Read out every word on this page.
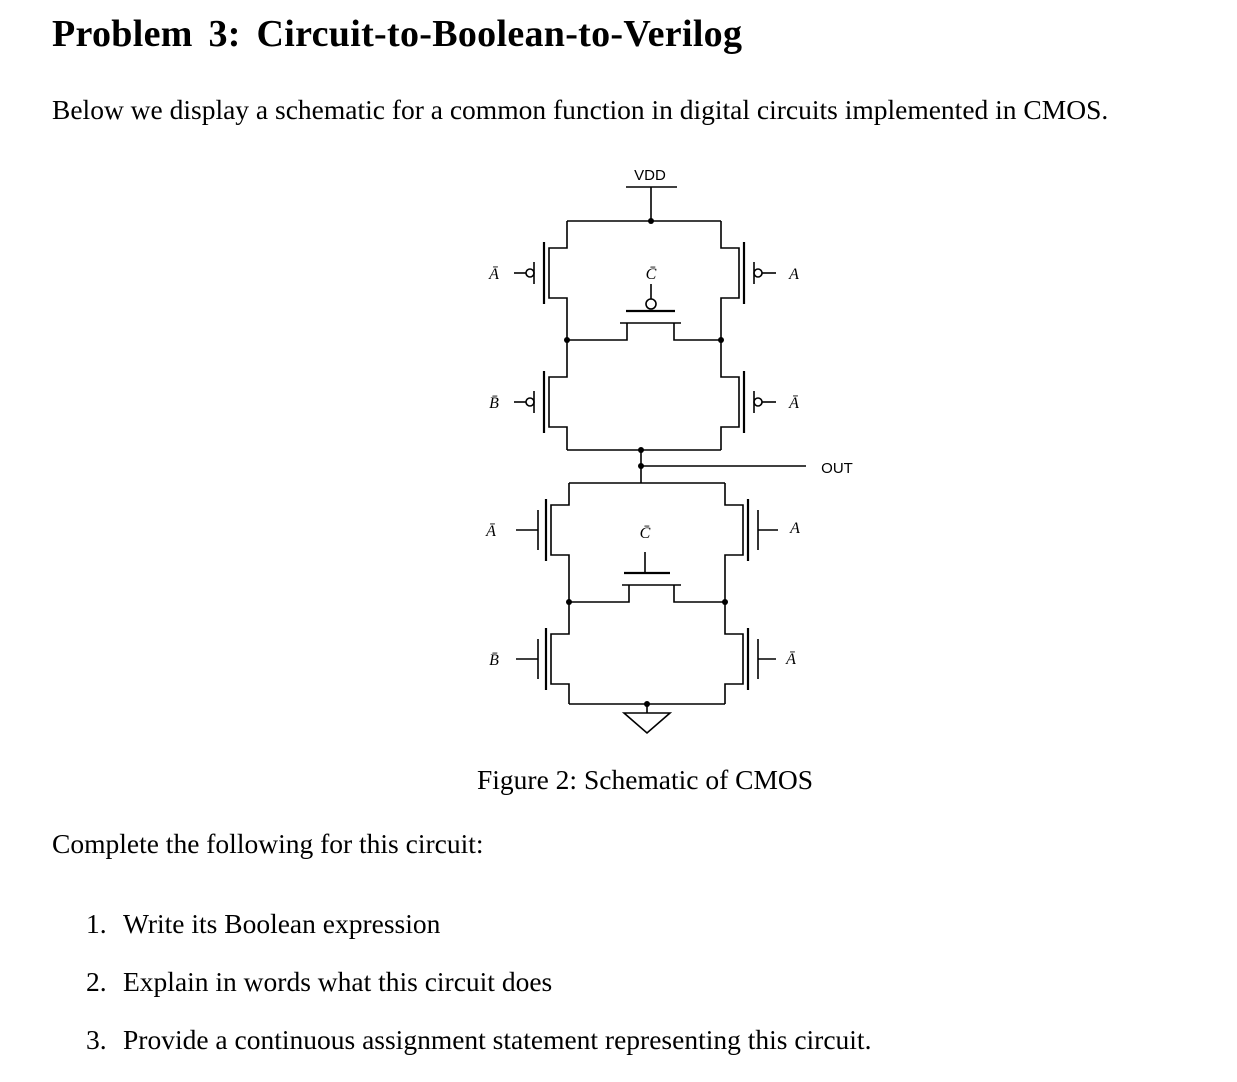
Problem 3: Circuit-to-Boolean-to-Verilog

Below we display a schematic for a common function in digital circuits implemented in CMOS.

VDD
Ā	A
C̄
B̄	Ā
OUT
Ā	A
C̄
B̄	Ā

Figure 2: Schematic of CMOS

Complete the following for this circuit:

1. Write its Boolean expression
2. Explain in words what this circuit does
3. Provide a continuous assignment statement representing this circuit.
